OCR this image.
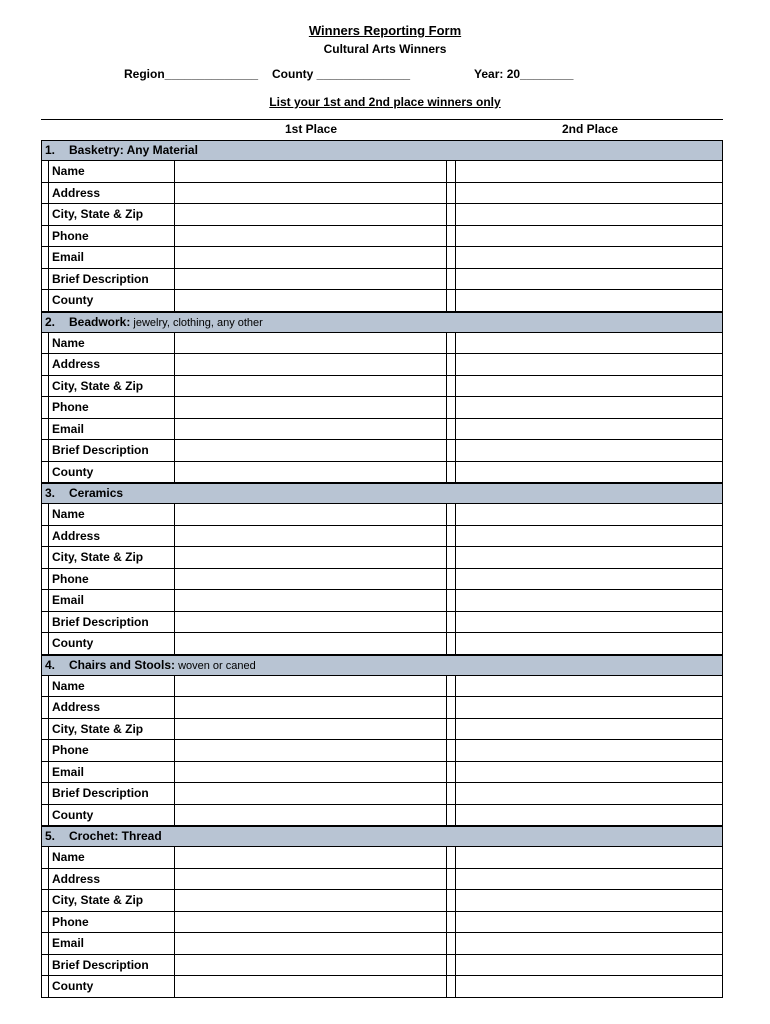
Winners Reporting Form
Cultural Arts Winners
Region______________ County ______________	Year: 20________
List your 1st and 2nd place winners only
1st Place	2nd Place
1. Basketry: Any Material
Name
Address
City, State & Zip
Phone
Email
Brief Description
County
2. Beadwork: jewelry, clothing, any other
Name
Address
City, State & Zip
Phone
Email
Brief Description
County
3. Ceramics
Name
Address
City, State & Zip
Phone
Email
Brief Description
County
4. Chairs and Stools: woven or caned
Name
Address
City, State & Zip
Phone
Email
Brief Description
County
5. Crochet: Thread
Name
Address
City, State & Zip
Phone
Email
Brief Description
County
